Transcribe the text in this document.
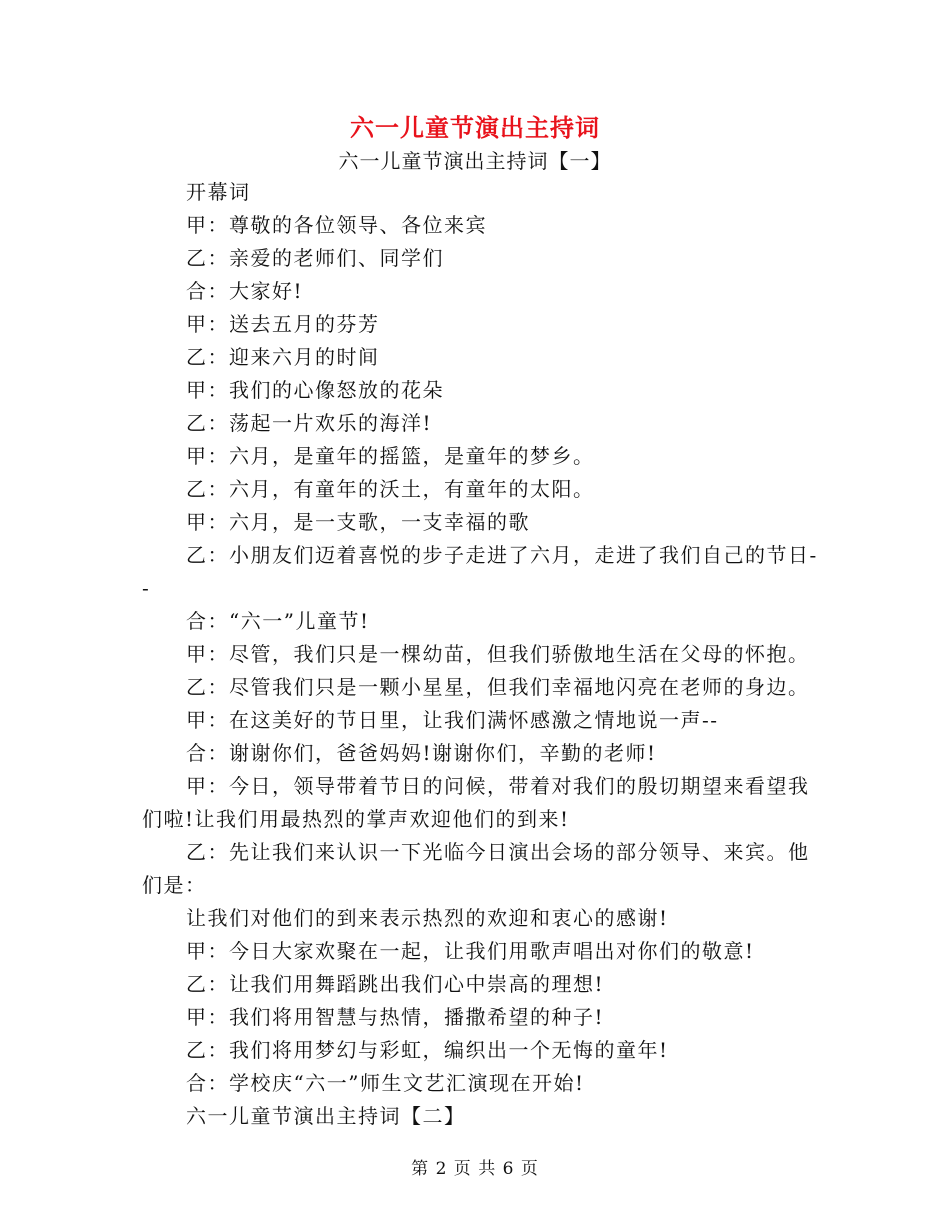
六一儿童节演出主持词
六一儿童节演出主持词【一】

开幕词

甲：尊敬的各位领导、各位来宾

乙：亲爱的老师们、同学们

合：大家好!

甲：送去五月的芬芳

乙：迎来六月的时间

甲：我们的心像怒放的花朵

乙：荡起一片欢乐的海洋!

甲：六月，是童年的摇篮，是童年的梦乡。

乙：六月，有童年的沃土，有童年的太阳。

甲：六月，是一支歌，一支幸福的歌

乙：小朋友们迈着喜悦的步子走进了六月，走进了我们自己的节日--

合：“六一”儿童节!

甲：尽管，我们只是一棵幼苗，但我们骄傲地生活在父母的怀抱。

乙：尽管我们只是一颗小星星，但我们幸福地闪亮在老师的身边。

甲：在这美好的节日里，让我们满怀感激之情地说一声--

合：谢谢你们，爸爸妈妈!谢谢你们，辛勤的老师!

甲：今日，领导带着节日的问候，带着对我们的殷切期望来看望我们啦!让我们用最热烈的掌声欢迎他们的到来!

乙：先让我们来认识一下光临今日演出会场的部分领导、来宾。他们是：

让我们对他们的到来表示热烈的欢迎和衷心的感谢!

甲：今日大家欢聚在一起，让我们用歌声唱出对你们的敬意!

乙：让我们用舞蹈跳出我们心中崇高的理想!

甲：我们将用智慧与热情，播撒希望的种子!

乙：我们将用梦幻与彩虹，编织出一个无悔的童年!

合：学校庆“六一”师生文艺汇演现在开始!

六一儿童节演出主持词【二】

第 2 页 共 6 页
